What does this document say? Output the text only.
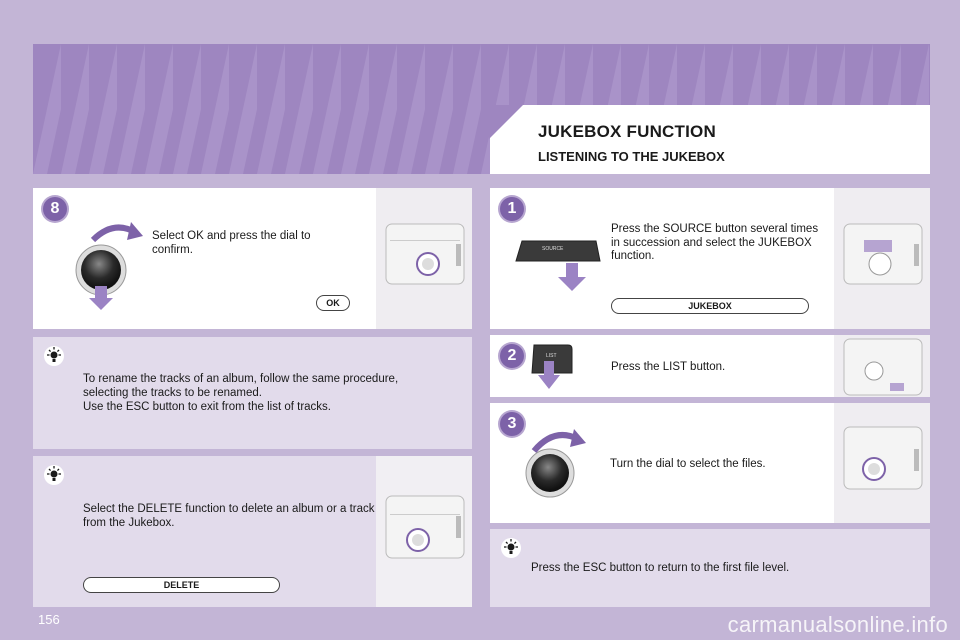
JUKEBOX FUNCTION
LISTENING TO THE JUKEBOX
8
Select OK and press the dial to confirm.
OK
To rename the tracks of an album, follow the same procedure,
selecting the tracks to be renamed.
Use the ESC button to exit from the list of tracks.
Select the DELETE function to delete an album or a track from the Jukebox.
DELETE
1
SOURCE
Press the SOURCE button several times in succession and select the JUKEBOX function.
JUKEBOX
2	LIST
Press the LIST button.
3
Turn the dial to select the files.
Press the ESC button to return to the first file level.
156	carmanualsonline.info
